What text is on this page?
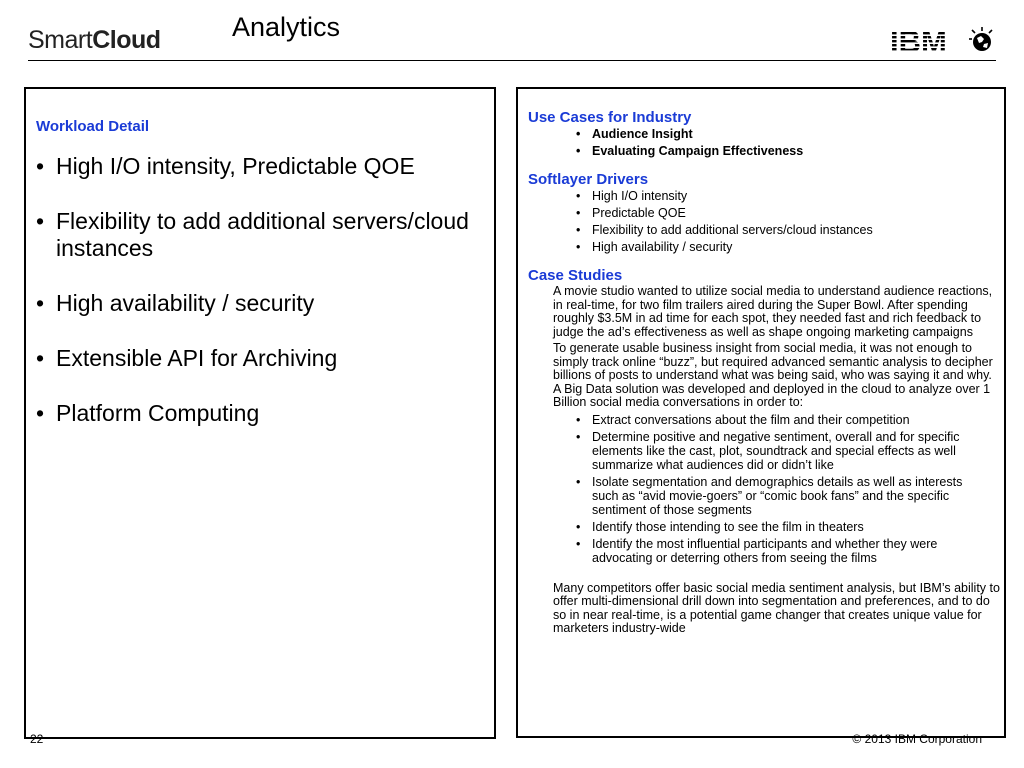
SmartCloud	Analytics	IBM
Workload Detail
• High I/O intensity, Predictable QOE
• Flexibility to add additional servers/cloud instances
• High availability / security
• Extensible API for Archiving
• Platform Computing
Use Cases for Industry
• Audience Insight
• Evaluating Campaign Effectiveness
Softlayer Drivers
• High I/O intensity
• Predictable QOE
• Flexibility to add additional servers/cloud instances
• High availability / security
Case Studies
A movie studio wanted to utilize social media to understand audience reactions, in real-time, for two film trailers aired during the Super Bowl. After spending roughly $3.5M in ad time for each spot, they needed fast and rich feedback to judge the ad’s effectiveness as well as shape ongoing marketing campaigns
To generate usable business insight from social media, it was not enough to simply track online “buzz”, but required advanced semantic analysis to decipher billions of posts to understand what was being said, who was saying it and why. A Big Data solution was developed and deployed in the cloud to analyze over 1 Billion social media conversations in order to:
• Extract conversations about the film and their competition
• Determine positive and negative sentiment, overall and for specific elements like the cast, plot, soundtrack and special effects as well summarize what audiences did or didn’t like
• Isolate segmentation and demographics details as well as interests such as “avid movie-goers” or “comic book fans” and the specific sentiment of those segments
• Identify those intending to see the film in theaters
• Identify the most influential participants and whether they were advocating or deterring others from seeing the films
Many competitors offer basic social media sentiment analysis, but IBM’s ability to offer multi-dimensional drill down into segmentation and preferences, and to do so in near real-time, is a potential game changer that creates unique value for marketers industry-wide
22	© 2013 IBM Corporation
